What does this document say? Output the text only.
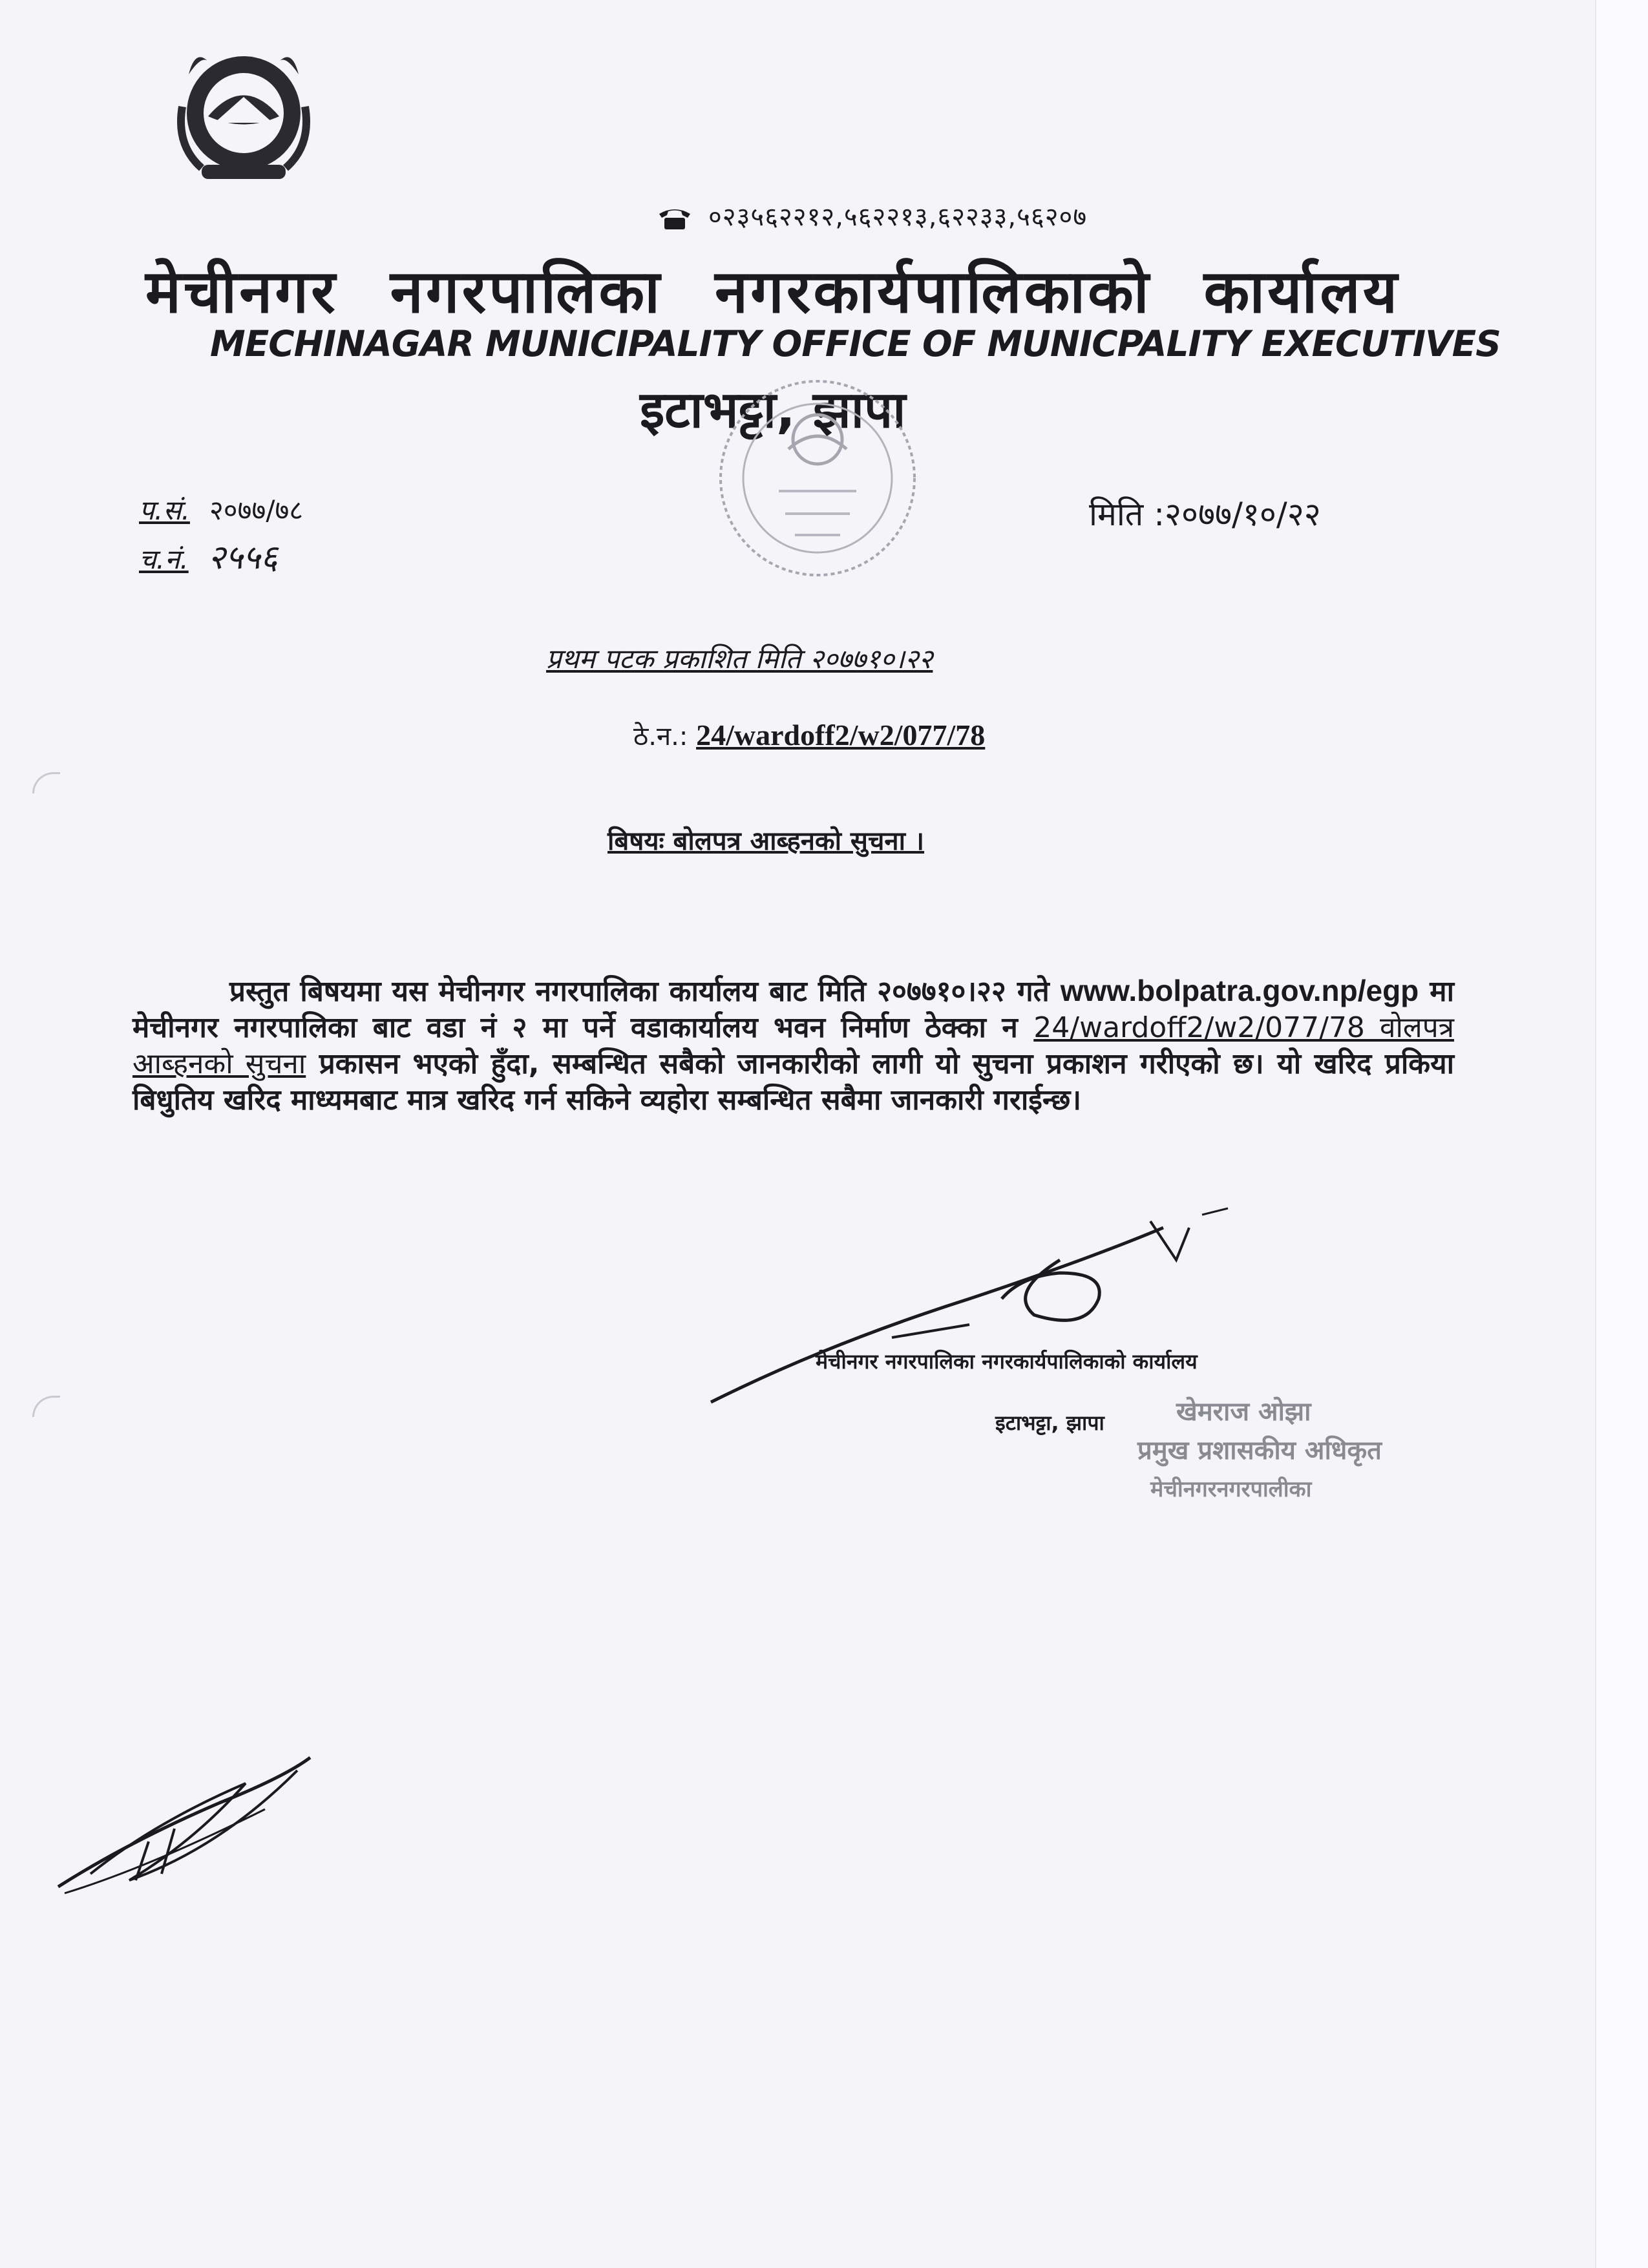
०२३५६२२१२,५६२२१३,६२२३३,५६२०७
मेचीनगर नगरपालिका नगरकार्यपालिकाको कार्यालय
MECHINAGAR MUNICIPALITY OFFICE OF MUNICPALITY EXECUTIVES
इटाभट्टा, झापा
प.सं. २०७७/७८
च.नं. २५५६
मिति :२०७७/१०/२२
प्रथम पटक प्रकाशित मिति २०७७१०।२२
ठे.न.: 24/wardoff2/w2/077/78
बिषयः बोलपत्र आब्हनको सुचना ।
प्रस्तुत बिषयमा यस मेचीनगर नगरपालिका कार्यालय बाट मिति २०७७१०।२२ गते www.bolpatra.gov.np/egp मा मेचीनगर नगरपालिका बाट वडा नं २ मा पर्ने वडाकार्यालय भवन निर्माण ठेक्का न 24/wardoff2/w2/077/78 वोलपत्र आब्हनको सुचना प्रकासन भएको हुँदा, सम्बन्धित सबैको जानकारीको लागी यो सुचना प्रकाशन गरीएको छ। यो खरिद प्रकिया बिधुतिय खरिद माध्यमबाट मात्र खरिद गर्न सकिने व्यहोरा सम्बन्धित सबैमा जानकारी गराईन्छ।
मेचीनगर नगरपालिका नगरकार्यपालिकाको कार्यालय
इटाभट्टा, झापा	खेमराज ओझा
प्रमुख प्रशासकीय अधिकृत
मेचीनगरनगरपालीका
